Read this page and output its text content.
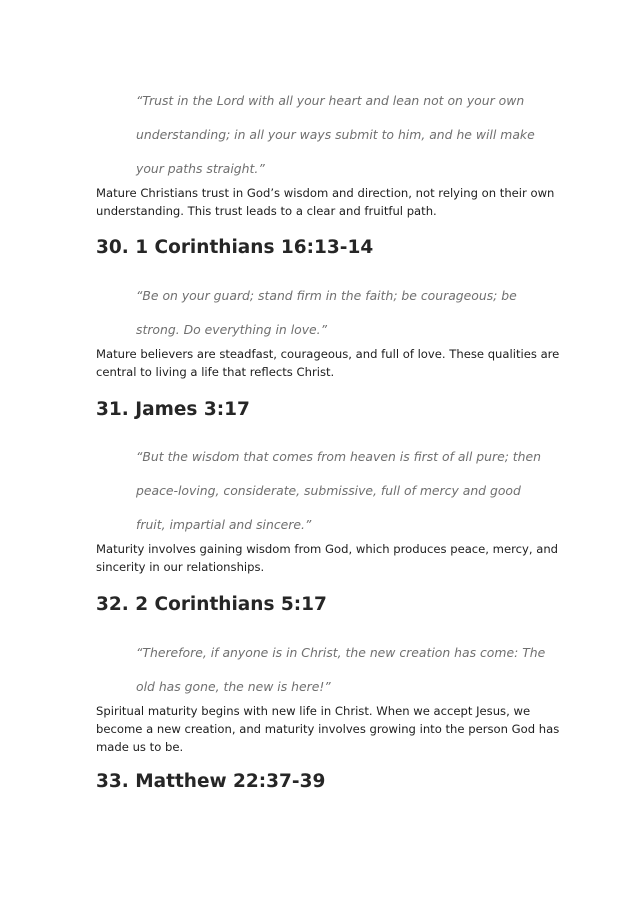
“Trust in the Lord with all your heart and lean not on your own
understanding; in all your ways submit to him, and he will make
your paths straight.”

Mature Christians trust in God’s wisdom and direction, not relying on their own
understanding. This trust leads to a clear and fruitful path.

30. 1 Corinthians 16:13-14
“Be on your guard; stand firm in the faith; be courageous; be
strong. Do everything in love.”

Mature believers are steadfast, courageous, and full of love. These qualities are
central to living a life that reflects Christ.

31. James 3:17
“But the wisdom that comes from heaven is first of all pure; then
peace-loving, considerate, submissive, full of mercy and good
fruit, impartial and sincere.”

Maturity involves gaining wisdom from God, which produces peace, mercy, and
sincerity in our relationships.

32. 2 Corinthians 5:17
“Therefore, if anyone is in Christ, the new creation has come: The
old has gone, the new is here!”

Spiritual maturity begins with new life in Christ. When we accept Jesus, we
become a new creation, and maturity involves growing into the person God has
made us to be.

33. Matthew 22:37-39
